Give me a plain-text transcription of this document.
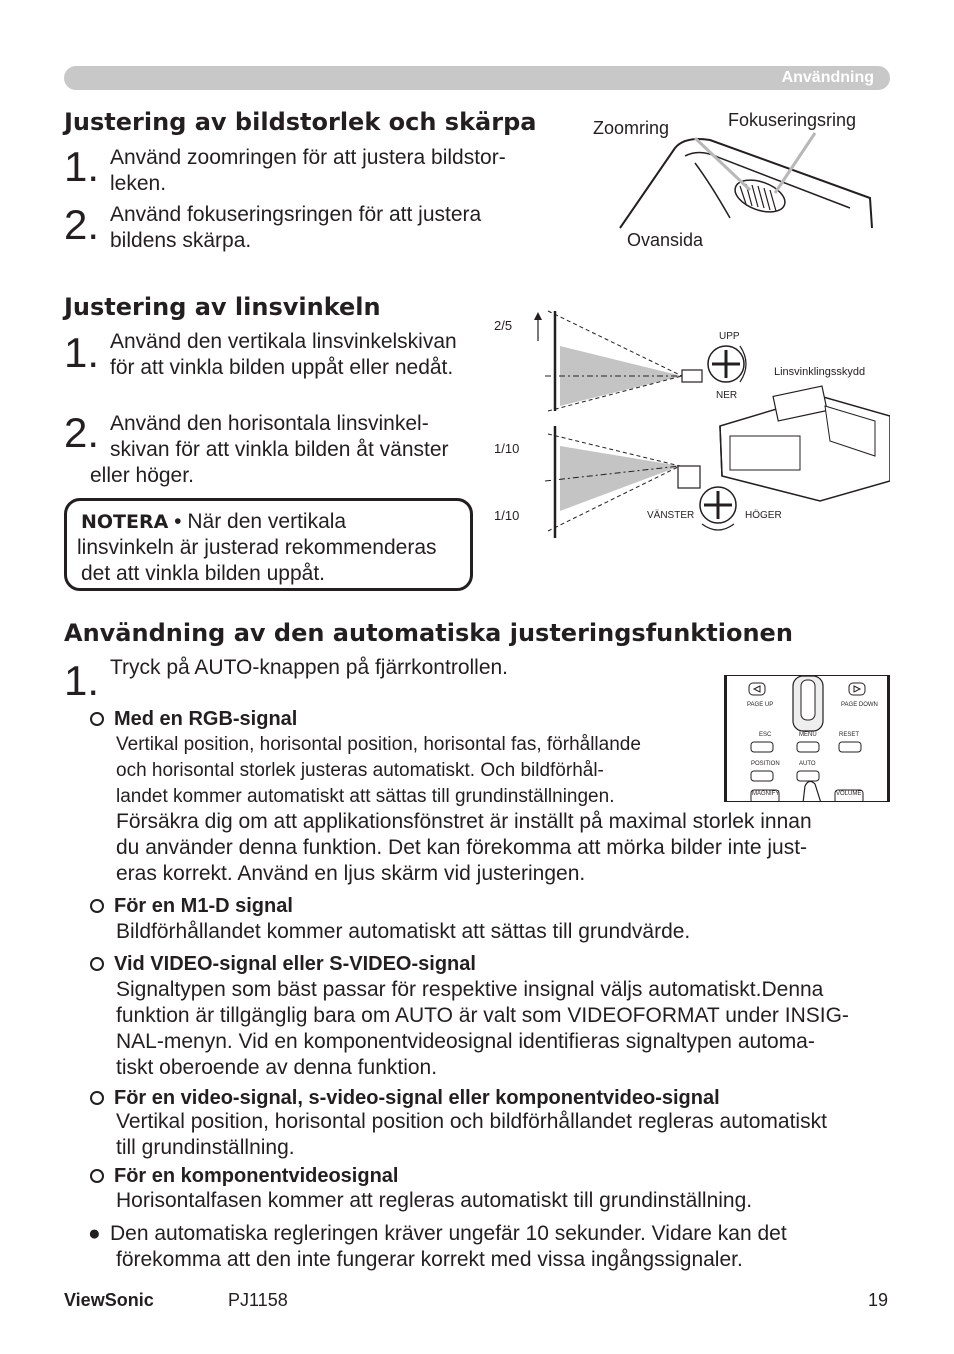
Användning
Justering av bildstorlek och skärpa
1. Använd zoomringen för att justera bildstor-
leken.
2. Använd fokuseringsringen för att justera
bildens skärpa.
Zoomring	Fokuseringsring
Ovansida
Justering av linsvinkeln
1. Använd den vertikala linsvinkelskivan
för att vinkla bilden uppåt eller nedåt.
2. Använd den horisontala linsvinkel-
skivan för att vinkla bilden åt vänster
eller höger.
NOTERA • När den vertikala
linsvinkeln är justerad rekommenderas
det att vinkla bilden uppåt.
2/5
1/10
1/10
UPP
NER
Linsvinklingsskydd
VÄNSTER	HÖGER
Användning av den automatiska justeringsfunktionen
1. Tryck på AUTO-knappen på fjärrkontrollen.
PAGE UP	PAGE DOWN
ESC	MENU	RESET
POSITION	AUTO
MAGNIFY	VOLUME
Med en RGB-signal
Vertikal position, horisontal position, horisontal fas, förhållande
och horisontal storlek justeras automatiskt. Och bildförhål-
landet kommer automatiskt att sättas till grundinställningen.
Försäkra dig om att applikationsfönstret är inställt på maximal storlek innan
du använder denna funktion. Det kan förekomma att mörka bilder inte just-
eras korrekt. Använd en ljus skärm vid justeringen.
För en M1-D signal
Bildförhållandet kommer automatiskt att sättas till grundvärde.
Vid VIDEO-signal eller S-VIDEO-signal
Signaltypen som bäst passar för respektive insignal väljs automatiskt.Denna
funktion är tillgänglig bara om AUTO är valt som VIDEOFORMAT under INSIG-
NAL-menyn. Vid en komponentvideosignal identifieras signaltypen automa-
tiskt oberoende av denna funktion.
För en video-signal, s-video-signal eller komponentvideo-signal
Vertikal position, horisontal position och bildförhållandet regleras automatiskt
till grundinställning.
För en komponentvideosignal
Horisontalfasen kommer att regleras automatiskt till grundinställning.
● Den automatiska regleringen kräver ungefär 10 sekunder. Vidare kan det
förekomma att den inte fungerar korrekt med vissa ingångssignaler.
ViewSonic	PJ1158	19
